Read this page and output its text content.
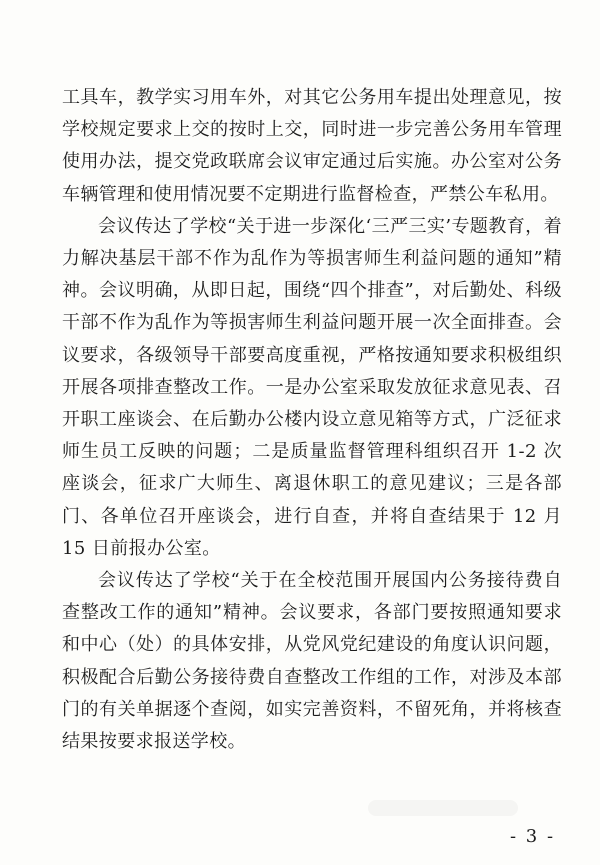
工具车，教学实习用车外，对其它公务用车提出处理意见，按学校规定要求上交的按时上交，同时进一步完善公务用车管理使用办法，提交党政联席会议审定通过后实施。办公室对公务车辆管理和使用情况要不定期进行监督检查，严禁公车私用。

会议传达了学校“关于进一步深化‘三严三实’专题教育，着力解决基层干部不作为乱作为等损害师生利益问题的通知”精神。会议明确，从即日起，围绕“四个排查”，对后勤处、科级干部不作为乱作为等损害师生利益问题开展一次全面排查。会议要求，各级领导干部要高度重视，严格按通知要求积极组织开展各项排查整改工作。一是办公室采取发放征求意见表、召开职工座谈会、在后勤办公楼内设立意见箱等方式，广泛征求师生员工反映的问题；二是质量监督管理科组织召开 1-2 次座谈会，征求广大师生、离退休职工的意见建议；三是各部门、各单位召开座谈会，进行自查，并将自查结果于 12 月 15 日前报办公室。

会议传达了学校“关于在全校范围开展国内公务接待费自查整改工作的通知”精神。会议要求，各部门要按照通知要求和中心（处）的具体安排，从党风党纪建设的角度认识问题，积极配合后勤公务接待费自查整改工作组的工作，对涉及本部门的有关单据逐个查阅，如实完善资料，不留死角，并将核查结果按要求报送学校。

- 3 -
